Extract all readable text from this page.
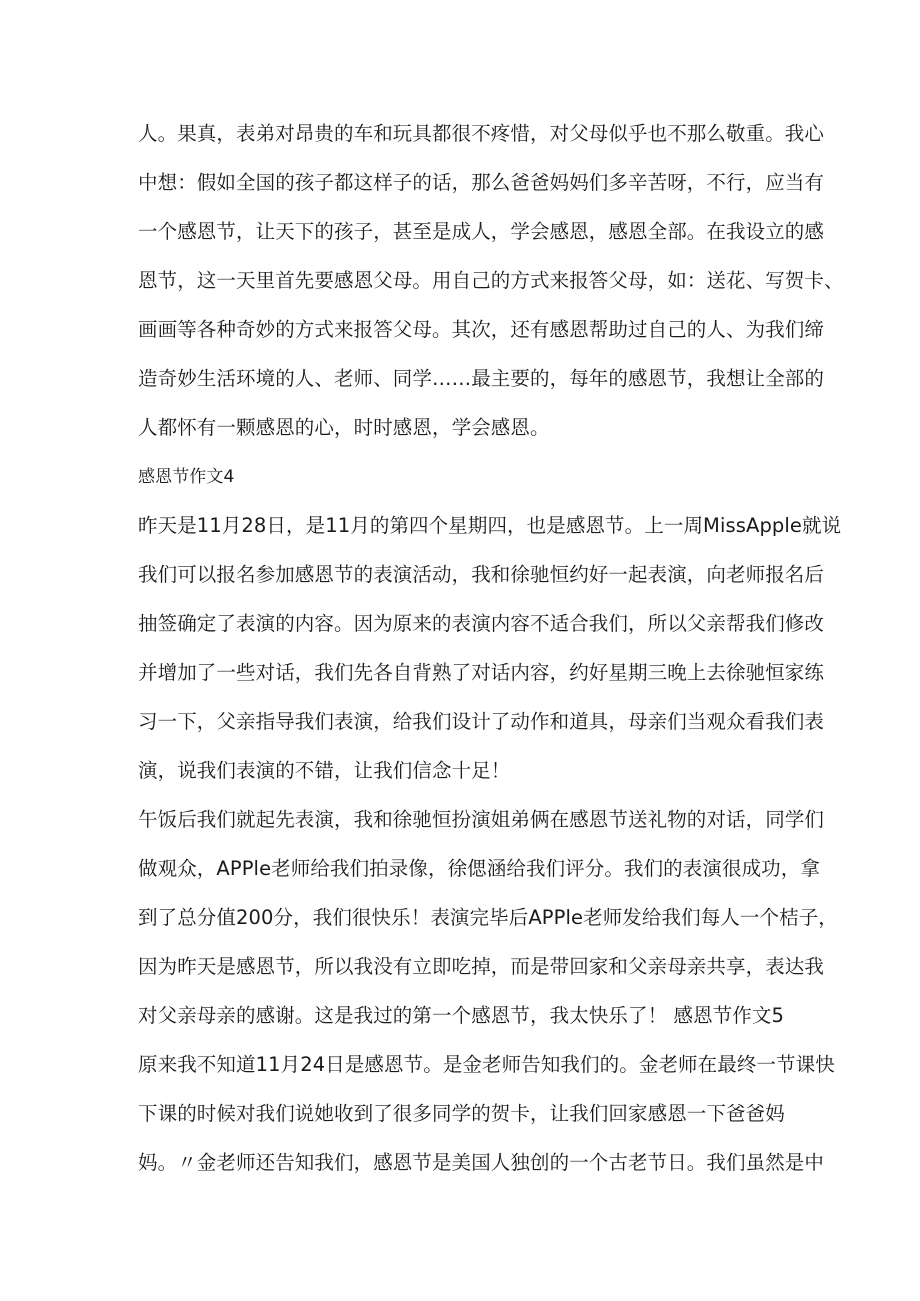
人。果真，表弟对昂贵的车和玩具都很不疼惜，对父母似乎也不那么敬重。我心
中想：假如全国的孩子都这样子的话，那么爸爸妈妈们多辛苦呀，不行，应当有
一个感恩节，让天下的孩子，甚至是成人，学会感恩，感恩全部。在我设立的感
恩节，这一天里首先要感恩父母。用自己的方式来报答父母，如：送花、写贺卡、
画画等各种奇妙的方式来报答父母。其次，还有感恩帮助过自己的人、为我们缔
造奇妙生活环境的人、老师、同学……最主要的，每年的感恩节，我想让全部的
人都怀有一颗感恩的心，时时感恩，学会感恩。
感恩节作文4
昨天是11月28日，是11月的第四个星期四，也是感恩节。上一周MissApple就说
我们可以报名参加感恩节的表演活动，我和徐驰恒约好一起表演，向老师报名后
抽签确定了表演的内容。因为原来的表演内容不适合我们，所以父亲帮我们修改
并增加了一些对话，我们先各自背熟了对话内容，约好星期三晚上去徐驰恒家练
习一下，父亲指导我们表演，给我们设计了动作和道具，母亲们当观众看我们表
演，说我们表演的不错，让我们信念十足！
午饭后我们就起先表演，我和徐驰恒扮演姐弟俩在感恩节送礼物的对话，同学们
做观众，APPle老师给我们拍录像，徐偲涵给我们评分。我们的表演很成功，拿
到了总分值200分，我们很快乐！表演完毕后APPle老师发给我们每人一个桔子，
因为昨天是感恩节，所以我没有立即吃掉，而是带回家和父亲母亲共享，表达我
对父亲母亲的感谢。这是我过的第一个感恩节，我太快乐了！ 感恩节作文5
原来我不知道11月24日是感恩节。是金老师告知我们的。金老师在最终一节课快
下课的时候对我们说她收到了很多同学的贺卡，让我们回家感恩一下爸爸妈
妈。〃金老师还告知我们，感恩节是美国人独创的一个古老节日。我们虽然是中
